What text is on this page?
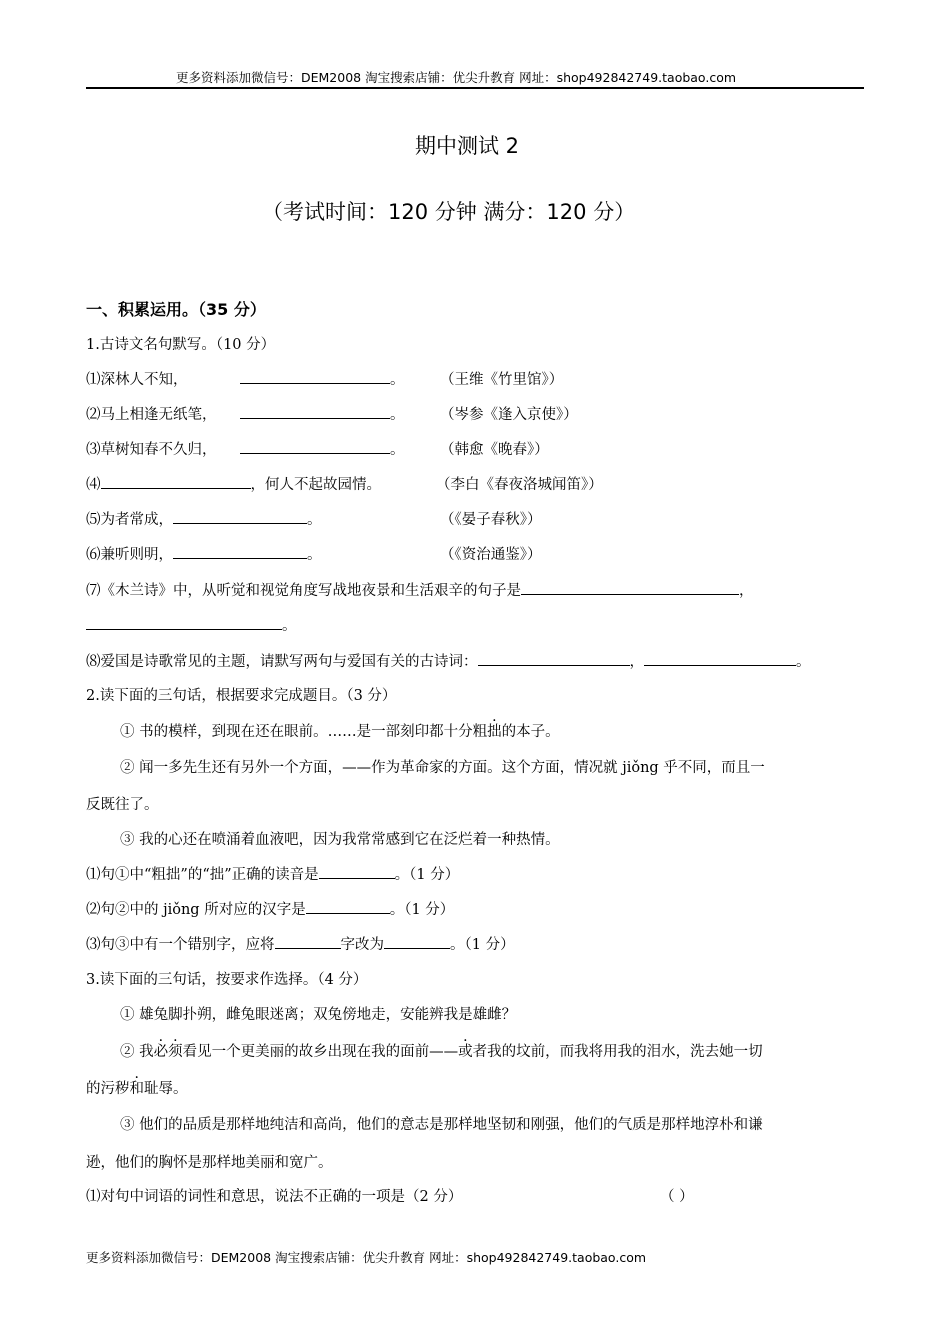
更多资料添加微信号：DEM2008 淘宝搜索店铺：优尖升教育 网址：shop492842749.taobao.com
期中测试 2
（考试时间：120 分钟 满分：120 分）
一、积累运用。（35 分）
1.古诗文名句默写。（10 分）
⑴深林人不知，	。 （王维《竹里馆》）
⑵马上相逢无纸笔，	。 （岑参《逢入京使》）
⑶草树知春不久归，	。 （韩愈《晚春》）
⑷	，何人不起故园情。	（李白《春夜洛城闻笛》）
⑸为者常成，	。	（《晏子春秋》）
⑹兼听则明，	。	（《资治通鉴》）
⑺《木兰诗》中，从听觉和视觉角度写战地夜景和生活艰辛的句子是	，
。
⑻爱国是诗歌常见的主题，请默写两句与爱国有关的古诗词：	，	。
2.读下面的三句话，根据要求完成题目。（3 分）
① 书的模样，到现在还在眼前。……是一部刻印都十分粗拙的本子。
② 闻一多先生还有另外一个方面，——作为革命家的方面。这个方面，情况就 jiǒng 乎不同，而且一
反既往了。
③ 我的心还在喷涌着血液吧，因为我常常感到它在泛烂着一种热情。
⑴句①中“粗拙”的“拙”正确的读音是	。（1 分）
⑵句②中的 jiǒng 所对应的汉字是	。（1 分）
⑶句③中有一个错别字，应将	字改为	。（1 分）
3.读下面的三句话，按要求作选择。（4 分）
① 雄兔脚扑朔，雌兔眼迷离；双兔傍地走，安能辨我是雄雌？
② 我必须看见一个更美丽的故乡出现在我的面前——或者我的坟前，而我将用我的泪水，洗去她一切
的污秽和耻辱。
③ 他们的品质是那样地纯洁和高尚，他们的意志是那样地坚韧和刚强，他们的气质是那样地淳朴和谦
逊，他们的胸怀是那样地美丽和宽广。
⑴对句中词语的词性和意思，说法不正确的一项是（2 分）	（ ）
更多资料添加微信号：DEM2008 淘宝搜索店铺：优尖升教育 网址：shop492842749.taobao.com
